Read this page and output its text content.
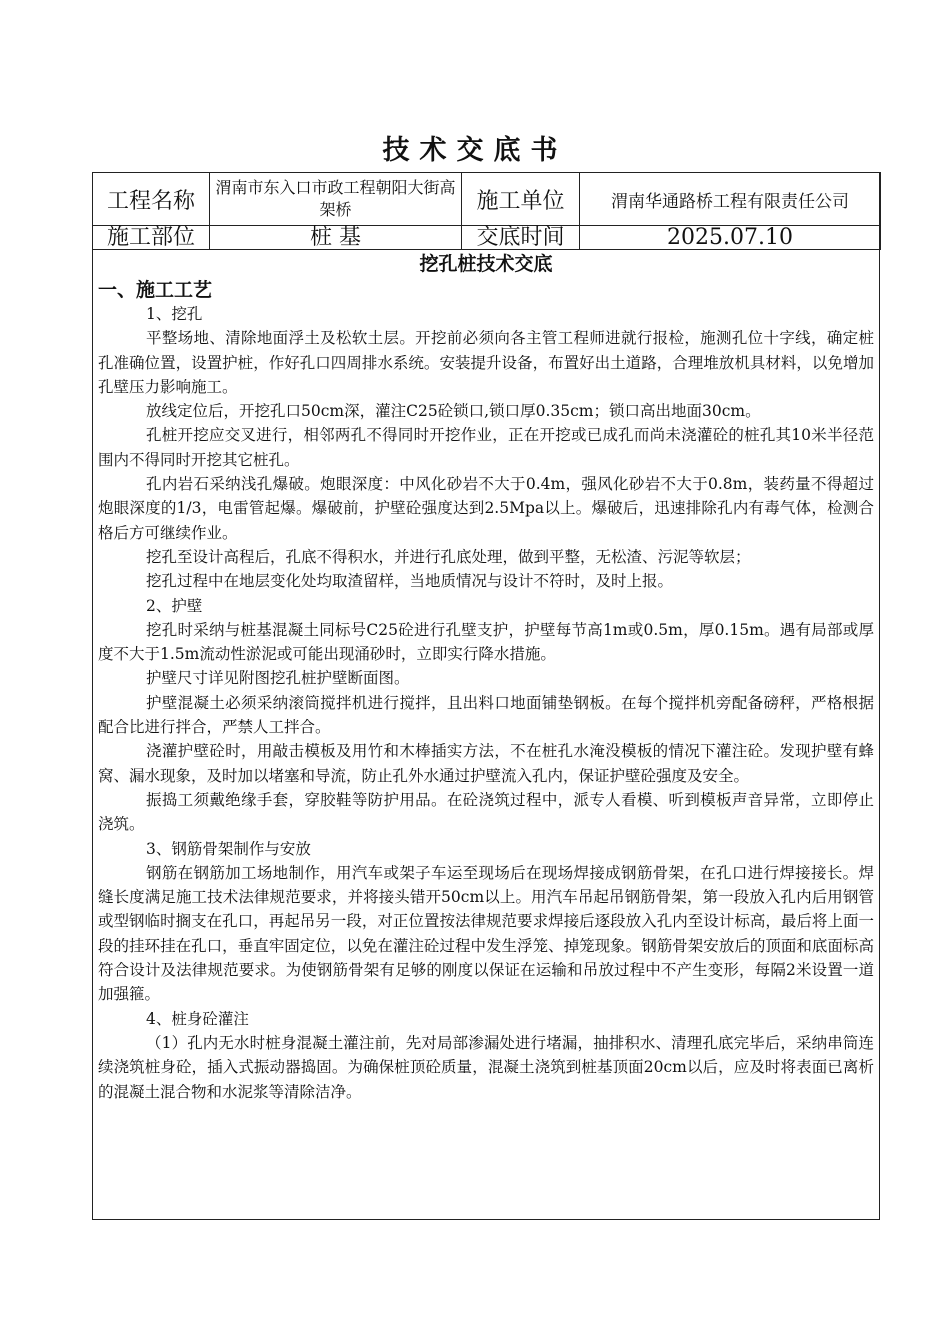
技术交底书
工程名称	渭南市东入口市政工程朝阳大街高架桥	施工单位	渭南华通路桥工程有限责任公司
施工部位	桩 基	交底时间	2025.07.10
挖孔桩技术交底
一、施工工艺
1、挖孔

平整场地、清除地面浮土及松软土层。开挖前必须向各主管工程师进就行报检，施测孔位十字线，确定桩孔准确位置，设置护桩，作好孔口四周排水系统。安装提升设备，布置好出土道路，合理堆放机具材料，以免增加孔壁压力影响施工。

放线定位后，开挖孔口50cm深，灌注C25砼锁口,锁口厚0.35cm；锁口高出地面30cm。

孔桩开挖应交叉进行，相邻两孔不得同时开挖作业，正在开挖或已成孔而尚未浇灌砼的桩孔其10米半径范围内不得同时开挖其它桩孔。

孔内岩石采纳浅孔爆破。炮眼深度：中风化砂岩不大于0.4m，强风化砂岩不大于0.8m，装药量不得超过炮眼深度的1/3，电雷管起爆。爆破前，护壁砼强度达到2.5Mpa以上。爆破后，迅速排除孔内有毒气体，检测合格后方可继续作业。

挖孔至设计高程后，孔底不得积水，并进行孔底处理，做到平整，无松渣、污泥等软层；

挖孔过程中在地层变化处均取渣留样，当地质情况与设计不符时，及时上报。

2、护壁

挖孔时采纳与桩基混凝土同标号C25砼进行孔壁支护，护壁每节高1m或0.5m，厚0.15m。遇有局部或厚度不大于1.5m流动性淤泥或可能出现涌砂时，立即实行降水措施。

护壁尺寸详见附图挖孔桩护壁断面图。

护壁混凝土必须采纳滚筒搅拌机进行搅拌，且出料口地面铺垫钢板。在每个搅拌机旁配备磅秤，严格根据配合比进行拌合，严禁人工拌合。

浇灌护壁砼时，用敲击模板及用竹和木棒插实方法，不在桩孔水淹没模板的情况下灌注砼。发现护壁有蜂窝、漏水现象，及时加以堵塞和导流，防止孔外水通过护壁流入孔内，保证护壁砼强度及安全。

振捣工须戴绝缘手套，穿胶鞋等防护用品。在砼浇筑过程中，派专人看模、听到模板声音异常，立即停止浇筑。

3、钢筋骨架制作与安放

钢筋在钢筋加工场地制作，用汽车或架子车运至现场后在现场焊接成钢筋骨架，在孔口进行焊接接长。焊缝长度满足施工技术法律规范要求，并将接头错开50cm以上。用汽车吊起吊钢筋骨架，第一段放入孔内后用钢管或型钢临时搁支在孔口，再起吊另一段，对正位置按法律规范要求焊接后逐段放入孔内至设计标高，最后将上面一段的挂环挂在孔口，垂直牢固定位，以免在灌注砼过程中发生浮笼、掉笼现象。钢筋骨架安放后的顶面和底面标高符合设计及法律规范要求。为使钢筋骨架有足够的刚度以保证在运输和吊放过程中不产生变形，每隔2米设置一道加强箍。

4、桩身砼灌注

（1）孔内无水时桩身混凝土灌注前，先对局部渗漏处进行堵漏，抽排积水、清理孔底完毕后，采纳串筒连续浇筑桩身砼，插入式振动器捣固。为确保桩顶砼质量，混凝土浇筑到桩基顶面20cm以后，应及时将表面已离析的混凝土混合物和水泥浆等清除洁净。
